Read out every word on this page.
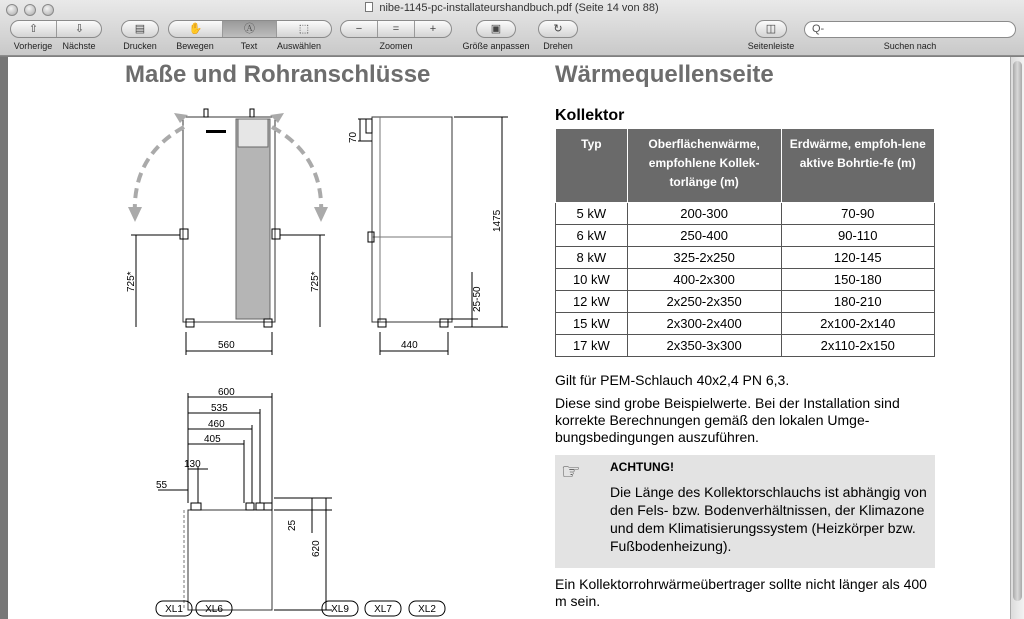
nibe-1145-pc-installateurshandbuch.pdf (Seite 14 von 88)
⇧	⇩
Vorherige	Nächste
▤
Drucken
✋	Ⓐ	⬚
Bewegen	Text	Auswählen
−	=	+
Zoomen
▣
Größe anpassen
↻
Drehen
◫
Seitenleiste
Q-
Suchen nach
Maße und Rohranschlüsse	Wärmequellenseite
▬▬
725*	725*
560
70
1475
25-50
440
600
535
460
405
130
55
25
620
XL1 XL6	XL9	XL7	XL2
Kollektor
Typ	Oberflächenwärme, empfohlene Kollek-torlänge (m)	Erdwärme, empfoh-lene aktive Bohrtie-fe (m)
5 kW	200-300	70-90
6 kW	250-400	90-110
8 kW	325-2x250	120-145
10 kW	400-2x300	150-180
12 kW	2x250-2x350	180-210
15 kW	2x300-2x400	2x100-2x140
17 kW	2x350-3x300	2x110-2x150
Gilt für PEM-Schlauch 40x2,4 PN 6,3.
Diese sind grobe Beispielwerte. Bei der Installation sind korrekte Berechnungen gemäß den lokalen Umge-bungsbedingungen auszuführen.
☞ ACHTUNG!
Die Länge des Kollektorschlauchs ist abhängig von den Fels- bzw. Bodenverhältnissen, der Klimazone und dem Klimatisierungssystem (Heizkörper bzw. Fußbodenheizung).
Ein Kollektorrohrwärmeübertrager sollte nicht länger als 400 m sein.
